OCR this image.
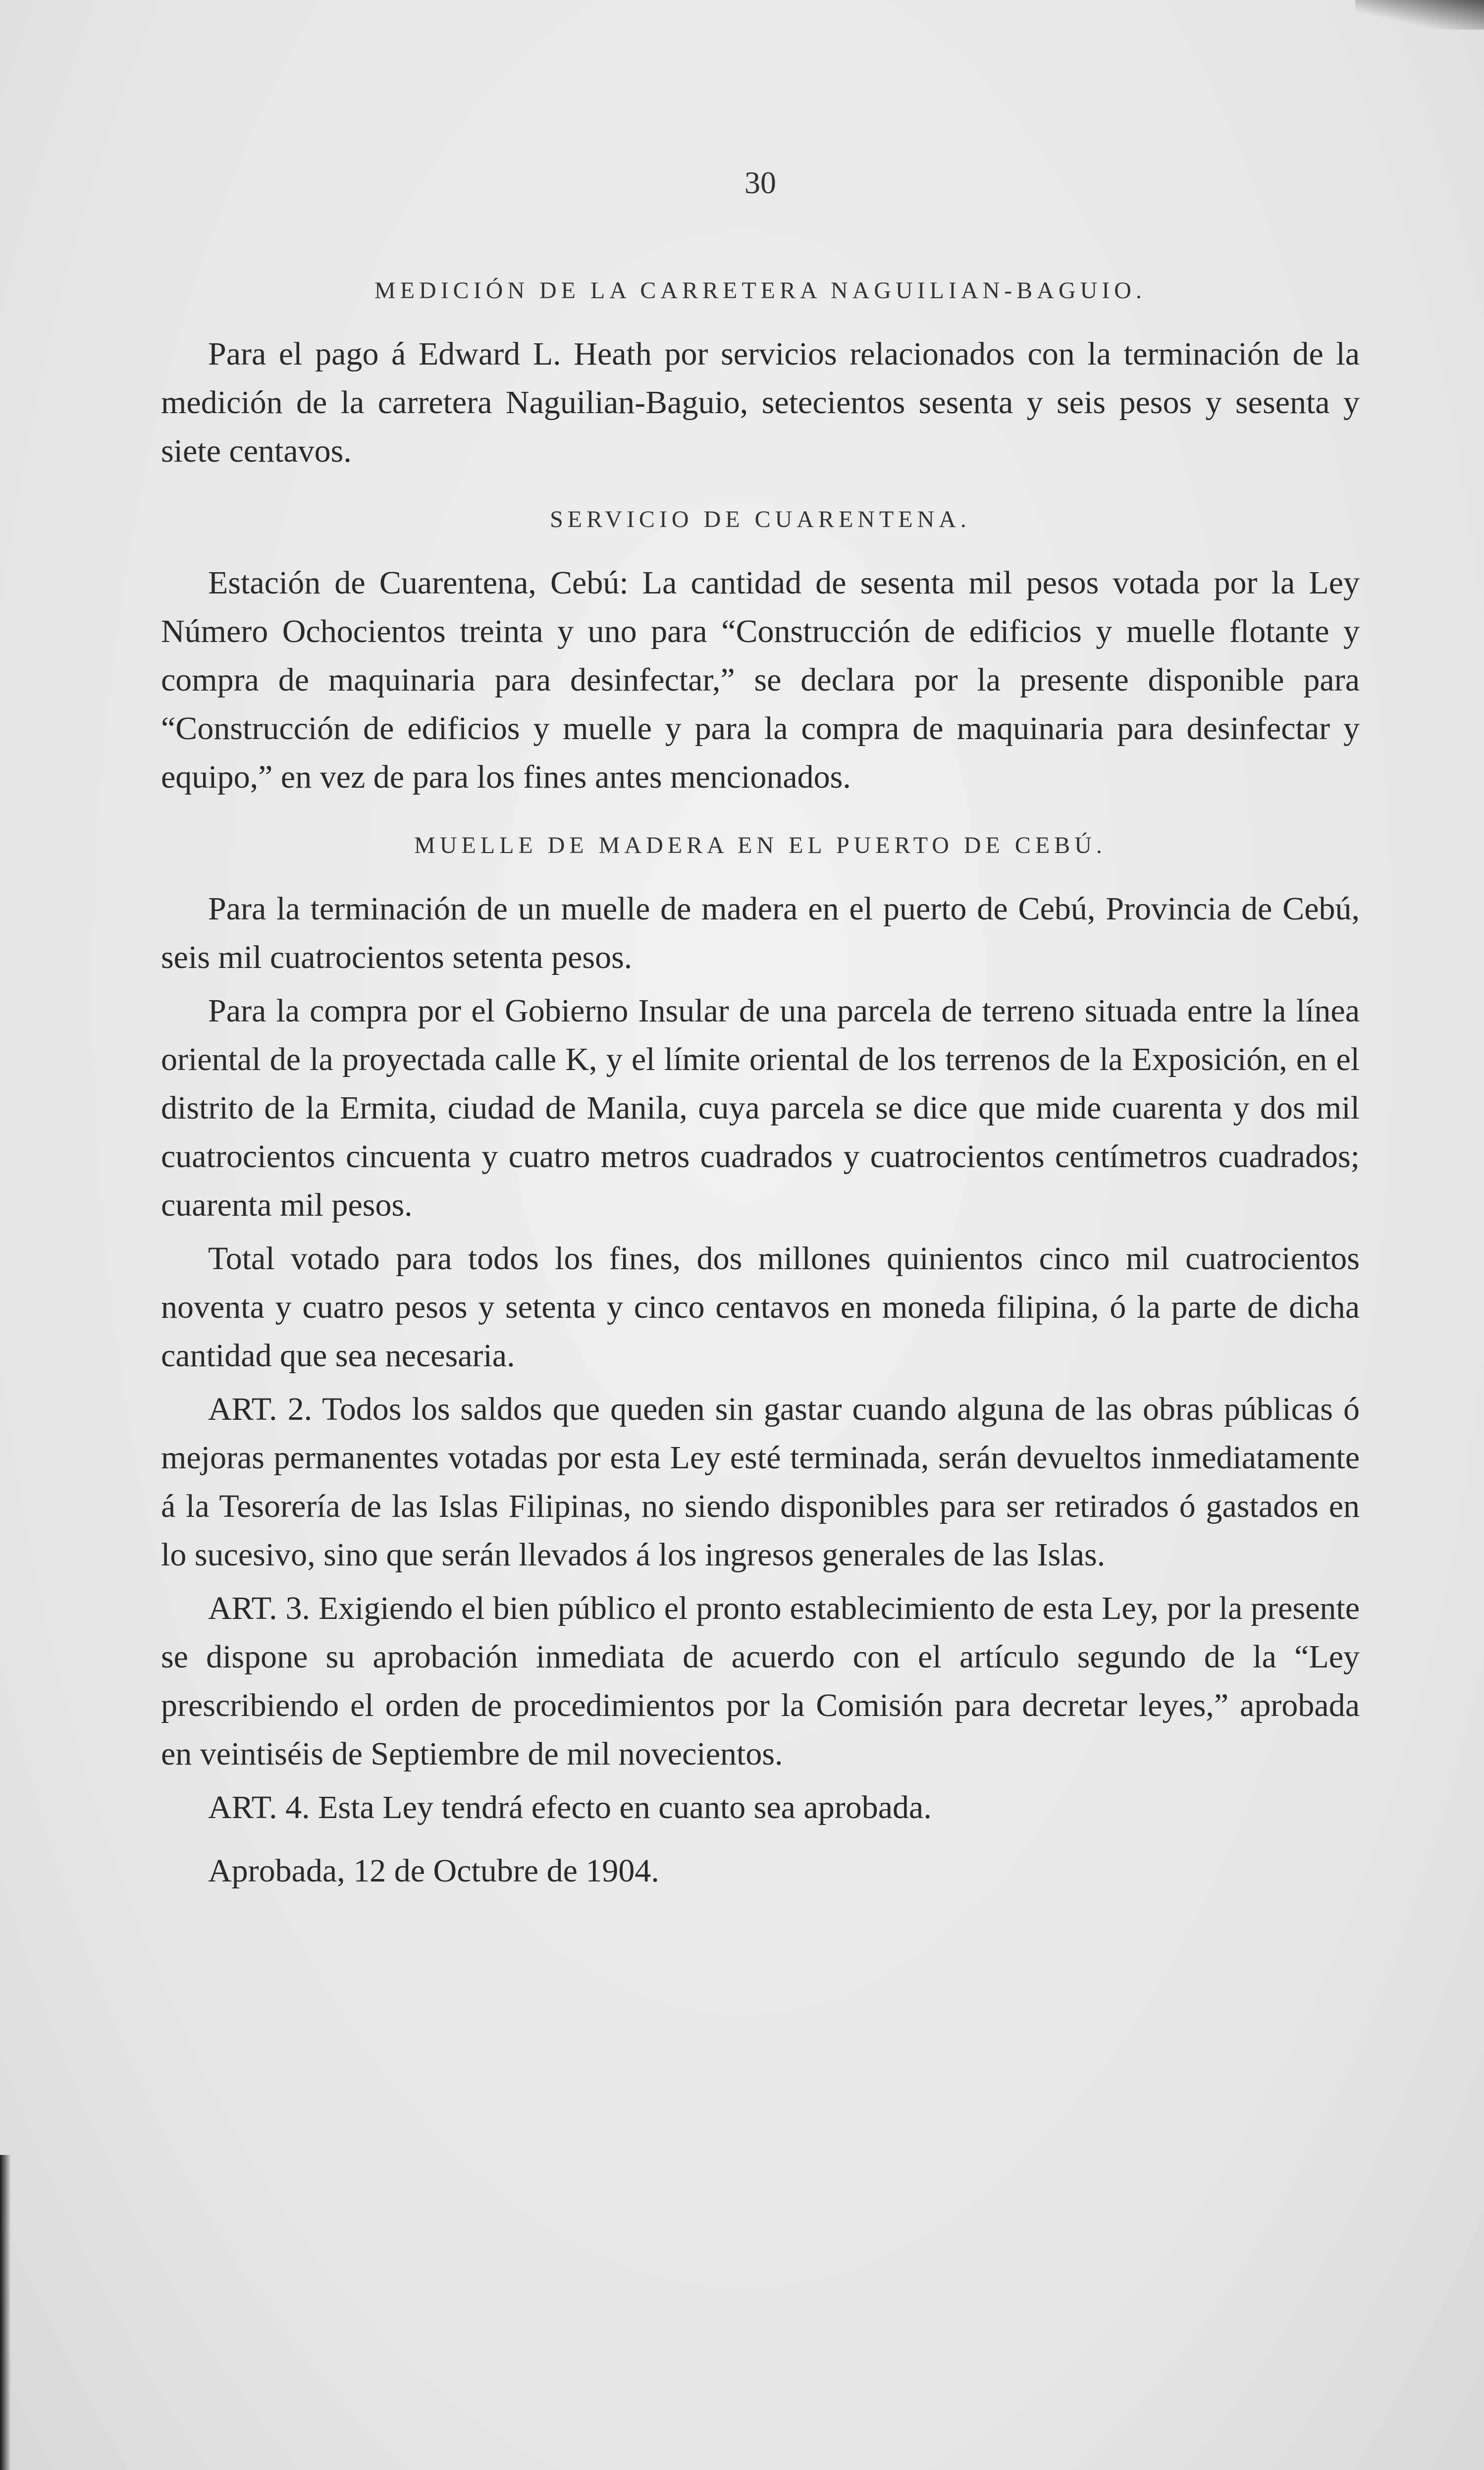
30
MEDICIÓN DE LA CARRETERA NAGUILIAN-BAGUIO.

Para el pago á Edward L. Heath por servicios relacionados con la terminación de la medición de la carretera Naguilian-Baguio, setecientos sesenta y seis pesos y sesenta y siete centavos.

SERVICIO DE CUARENTENA.

Estación de Cuarentena, Cebú: La cantidad de sesenta mil pesos votada por la Ley Número Ochocientos treinta y uno para “Construcción de edificios y muelle flotante y compra de maquinaria para desinfectar,” se declara por la presente disponible para “Construcción de edificios y muelle y para la compra de maquinaria para desinfectar y equipo,” en vez de para los fines antes mencionados.

MUELLE DE MADERA EN EL PUERTO DE CEBÚ.

Para la terminación de un muelle de madera en el puerto de Cebú, Provincia de Cebú, seis mil cuatrocientos setenta pesos.

Para la compra por el Gobierno Insular de una parcela de terreno situada entre la línea oriental de la proyectada calle K, y el límite oriental de los terrenos de la Exposición, en el distrito de la Ermita, ciudad de Manila, cuya parcela se dice que mide cuarenta y dos mil cuatrocientos cincuenta y cuatro metros cuadrados y cuatrocientos centímetros cuadrados; cuarenta mil pesos.

Total votado para todos los fines, dos millones quinientos cinco mil cuatrocientos noventa y cuatro pesos y setenta y cinco centavos en moneda filipina, ó la parte de dicha cantidad que sea necesaria.

ART. 2. Todos los saldos que queden sin gastar cuando alguna de las obras públicas ó mejoras permanentes votadas por esta Ley esté terminada, serán devueltos inmediatamente á la Tesorería de las Islas Filipinas, no siendo disponibles para ser retirados ó gastados en lo sucesivo, sino que serán llevados á los ingresos generales de las Islas.

ART. 3. Exigiendo el bien público el pronto establecimiento de esta Ley, por la presente se dispone su aprobación inmediata de acuerdo con el artículo segundo de la “Ley prescribiendo el orden de procedimientos por la Comisión para decretar leyes,” aprobada en veintiséis de Septiembre de mil novecientos.

ART. 4. Esta Ley tendrá efecto en cuanto sea aprobada.

Aprobada, 12 de Octubre de 1904.
